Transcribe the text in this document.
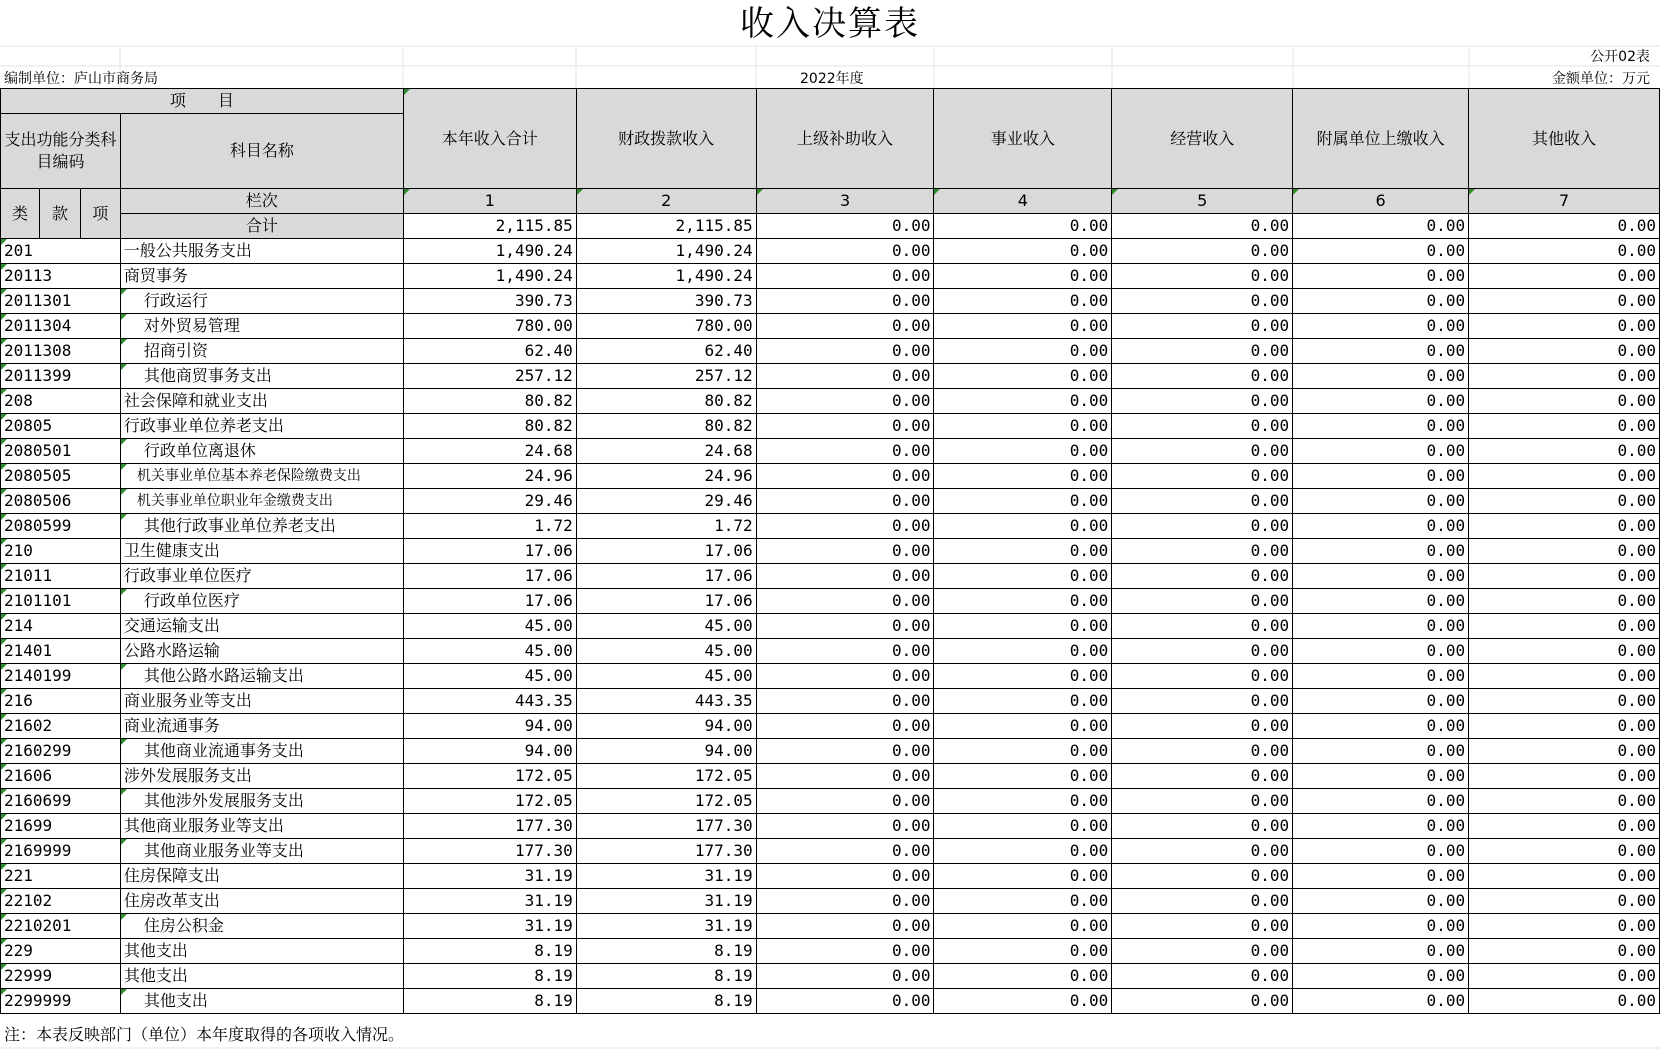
收入决算表
公开02表
编制单位：庐山市商务局	2022年度	金额单位：万元
项　　目				本年收入合计	财政拨款收入	上级补助收入	事业收入	经营收入	附属单位上缴收入	其他收入
支出功能分类科目编码			科目名称							
类	款	项	栏次	1	2	3	4	5	6	7
			合计	2,115.85	2,115.85	0.00	0.00	0.00	0.00	0.00
201			一般公共服务支出	1,490.24	1,490.24	0.00	0.00	0.00	0.00	0.00
20113			商贸事务	1,490.24	1,490.24	0.00	0.00	0.00	0.00	0.00
2011301			行政运行	390.73	390.73	0.00	0.00	0.00	0.00	0.00
2011304			对外贸易管理	780.00	780.00	0.00	0.00	0.00	0.00	0.00
2011308			招商引资	62.40	62.40	0.00	0.00	0.00	0.00	0.00
2011399			其他商贸事务支出	257.12	257.12	0.00	0.00	0.00	0.00	0.00
208			社会保障和就业支出	80.82	80.82	0.00	0.00	0.00	0.00	0.00
20805			行政事业单位养老支出	80.82	80.82	0.00	0.00	0.00	0.00	0.00
2080501			行政单位离退休	24.68	24.68	0.00	0.00	0.00	0.00	0.00
2080505			机关事业单位基本养老保险缴费支出	24.96	24.96	0.00	0.00	0.00	0.00	0.00
2080506			机关事业单位职业年金缴费支出	29.46	29.46	0.00	0.00	0.00	0.00	0.00
2080599			其他行政事业单位养老支出	1.72	1.72	0.00	0.00	0.00	0.00	0.00
210			卫生健康支出	17.06	17.06	0.00	0.00	0.00	0.00	0.00
21011			行政事业单位医疗	17.06	17.06	0.00	0.00	0.00	0.00	0.00
2101101			行政单位医疗	17.06	17.06	0.00	0.00	0.00	0.00	0.00
214			交通运输支出	45.00	45.00	0.00	0.00	0.00	0.00	0.00
21401			公路水路运输	45.00	45.00	0.00	0.00	0.00	0.00	0.00
2140199			其他公路水路运输支出	45.00	45.00	0.00	0.00	0.00	0.00	0.00
216			商业服务业等支出	443.35	443.35	0.00	0.00	0.00	0.00	0.00
21602			商业流通事务	94.00	94.00	0.00	0.00	0.00	0.00	0.00
2160299			其他商业流通事务支出	94.00	94.00	0.00	0.00	0.00	0.00	0.00
21606			涉外发展服务支出	172.05	172.05	0.00	0.00	0.00	0.00	0.00
2160699			其他涉外发展服务支出	172.05	172.05	0.00	0.00	0.00	0.00	0.00
21699			其他商业服务业等支出	177.30	177.30	0.00	0.00	0.00	0.00	0.00
2169999			其他商业服务业等支出	177.30	177.30	0.00	0.00	0.00	0.00	0.00
221			住房保障支出	31.19	31.19	0.00	0.00	0.00	0.00	0.00
22102			住房改革支出	31.19	31.19	0.00	0.00	0.00	0.00	0.00
2210201			住房公积金	31.19	31.19	0.00	0.00	0.00	0.00	0.00
229			其他支出	8.19	8.19	0.00	0.00	0.00	0.00	0.00
22999			其他支出	8.19	8.19	0.00	0.00	0.00	0.00	0.00
2299999			其他支出	8.19	8.19	0.00	0.00	0.00	0.00	0.00
注：本表反映部门（单位）本年度取得的各项收入情况。
